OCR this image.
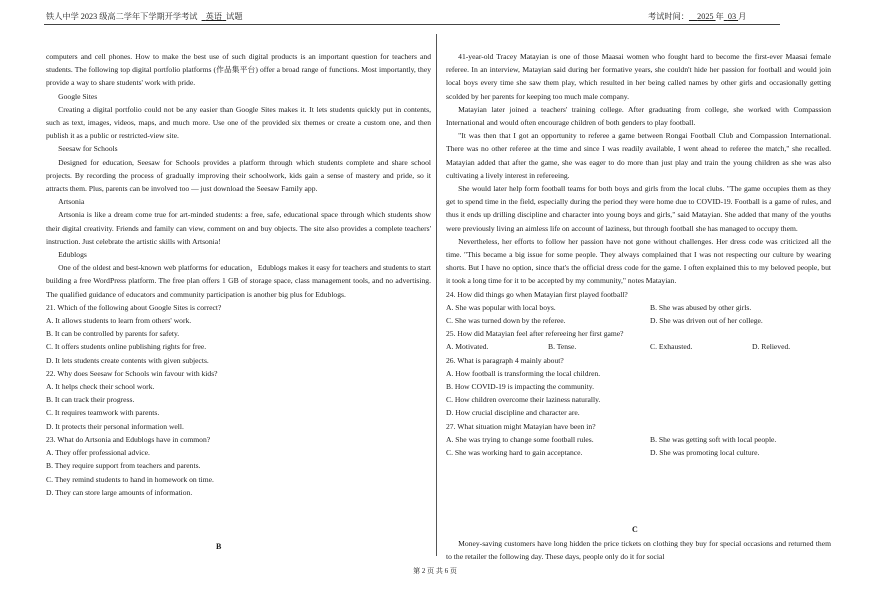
铁人中学 2023 级高二学年下学期开学考试 英语 试题	考试时间： 2025 年 03 月

computers and cell phones. How to make the best use of such digital products is an important question for teachers and students. The following top digital portfolio platforms (作品集平台) offer a broad range of functions. Most importantly, they provide a way to share students' work with pride.

Google Sites

Creating a digital portfolio could not be any easier than Google Sites makes it. It lets students quickly put in contents, such as text, images, videos, maps, and much more. Use one of the provided six themes or create a custom one, and then publish it as a public or restricted-view site.

Seesaw for Schools

Designed for education, Seesaw for Schools provides a platform through which students complete and share school projects. By recording the process of gradually improving their schoolwork, kids gain a sense of mastery and pride, so it attracts them. Plus, parents can be involved too — just download the Seesaw Family app.

Artsonia

Artsonia is like a dream come true for art-minded students: a free, safe, educational space through which students show their digital creativity. Friends and family can view, comment on and buy objects. The site also provides a complete teachers' instruction. Just celebrate the artistic skills with Artsonia!

Edublogs

One of the oldest and best-known web platforms for education，Edublogs makes it easy for teachers and students to start building a free WordPress platform. The free plan offers 1 GB of storage space, class management tools, and no advertising. The qualified guidance of educators and community participation is another big plus for Edublogs.

21. Which of the following about Google Sites is correct?

A. It allows students to learn from others' work.

B. It can be controlled by parents for safety.

C. It offers students online publishing rights for free.

D. It lets students create contents with given subjects.

22. Why does Seesaw for Schools win favour with kids?

A. It helps check their school work.

B. It can track their progress.

C. It requires teamwork with parents.

D. It protects their personal information well.

23. What do Artsonia and Edublogs have in common?

A. They offer professional advice.

B. They require support from teachers and parents.

C. They remind students to hand in homework on time.

D. They can store large amounts of information.

B

41-year-old Tracey Matayian is one of those Maasai women who fought hard to become the first-ever Maasai female referee. In an interview, Matayian said during her formative years, she couldn't hide her passion for football and would join local boys every time she saw them play, which resulted in her being called names by other girls and occasionally getting scolded by her parents for keeping too much male company.

Matayian later joined a teachers' training college. After graduating from college, she worked with Compassion International and would often encourage children of both genders to play football.

"It was then that I got an opportunity to referee a game between Rongai Football Club and Compassion International. There was no other referee at the time and since I was readily available, I went ahead to referee the match," she recalled. Matayian added that after the game, she was eager to do more than just play and train the young children as she was also cultivating a lively interest in refereeing.

She would later help form football teams for both boys and girls from the local clubs. "The game occupies them as they get to spend time in the field, especially during the period they were home due to COVID-19. Football is a game of rules, and thus it ends up drilling discipline and character into young boys and girls," said Matayian. She added that many of the youths were previously living an aimless life on account of laziness, but through football she has managed to occupy them.

Nevertheless, her efforts to follow her passion have not gone without challenges. Her dress code was criticized all the time. "This became a big issue for some people. They always complained that I was not respecting our culture by wearing shorts. But I have no option, since that's the official dress code for the game. I often explained this to my beloved people, but it took a long time for it to be accepted by my community," notes Matayian.

24. How did things go when Matayian first played football?

A. She was popular with local boys.	B. She was abused by other girls.
C. She was turned down by the referee.	D. She was driven out of her college.

25. How did Matayian feel after refereeing her first game?

A. Motivated.	B. Tense.	C. Exhausted.	D. Relieved.

26. What is paragraph 4 mainly about?

A. How football is transforming the local children.

B. How COVID-19 is impacting the community.

C. How children overcome their laziness naturally.

D. How crucial discipline and character are.

27. What situation might Matayian have been in?

A. She was trying to change some football rules.	B. She was getting soft with local people.
C. She was working hard to gain acceptance.	D. She was promoting local culture.
C

Money-saving customers have long hidden the price tickets on clothing they buy for special occasions and returned them to the retailer the following day. These days, people only do it for social

第 2 页 共 6 页
